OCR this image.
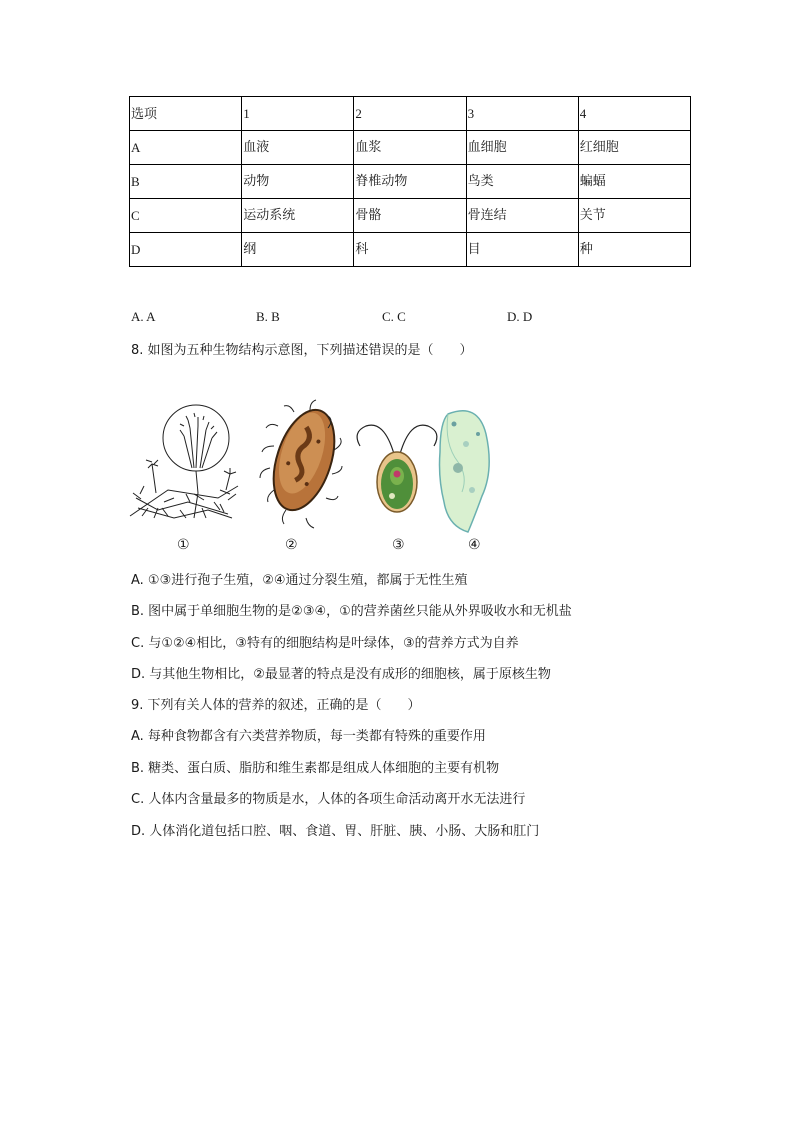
选项	1	2	3	4
A	血液	血浆	血细胞	红细胞
B	动物	脊椎动物	鸟类	蝙蝠
C	运动系统	骨骼	骨连结	关节
D	纲	科	目	种
A. A	B. B	C. C	D. D
8. 如图为五种生物结构示意图，下列描述错误的是（　　）
①	②	③	④
A. ①③进行孢子生殖，②④通过分裂生殖，都属于无性生殖
B. 图中属于单细胞生物的是②③④，①的营养菌丝只能从外界吸收水和无机盐
C. 与①②④相比，③特有的细胞结构是叶绿体，③的营养方式为自养
D. 与其他生物相比，②最显著的特点是没有成形的细胞核，属于原核生物
9. 下列有关人体的营养的叙述，正确的是（　　）
A. 每种食物都含有六类营养物质，每一类都有特殊的重要作用
B. 糖类、蛋白质、脂肪和维生素都是组成人体细胞的主要有机物
C. 人体内含量最多的物质是水，人体的各项生命活动离开水无法进行
D. 人体消化道包括口腔、咽、食道、胃、肝脏、胰、小肠、大肠和肛门
